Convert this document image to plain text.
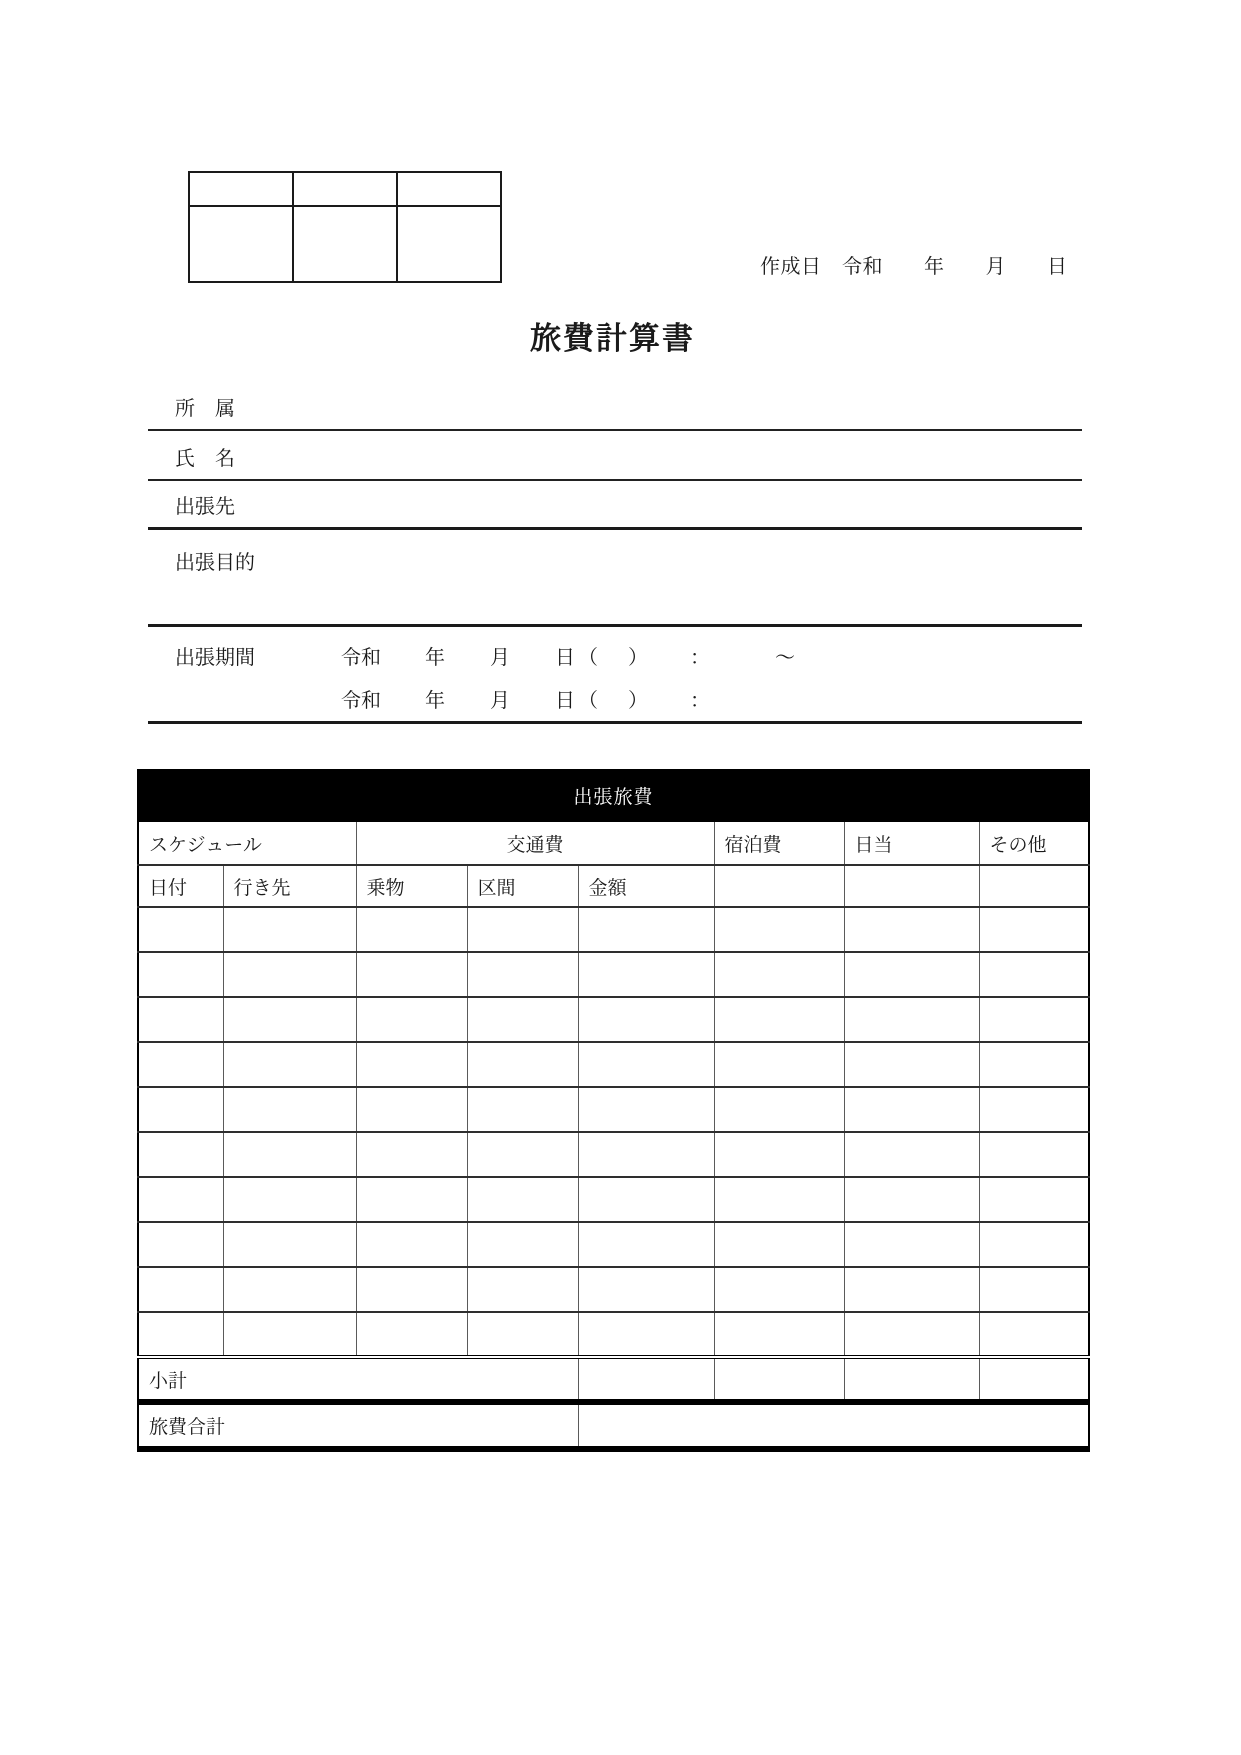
作成日　令和　　年　　月　　日
旅費計算書
所　属
氏　名
出張先
出張目的
出張期間	令和 年 月 日 （ ） ：	～
令和 年 月 日 （ ） ：
出張旅費							
スケジュール		交通費			宿泊費	日当	その他
日付	行き先	乗物	区間	金額			

小計							
旅費合計							
